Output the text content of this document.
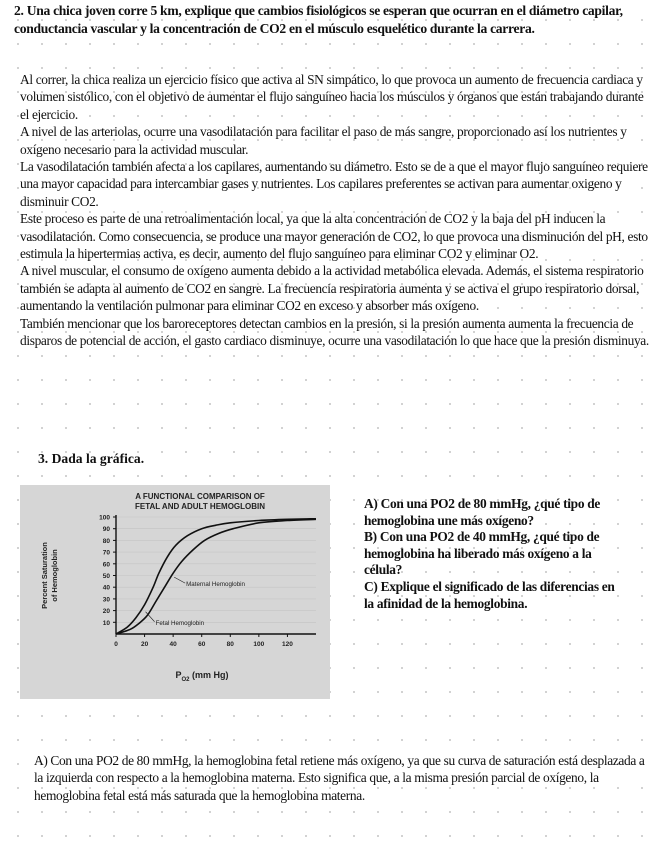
2. Una chica joven corre 5 km, explique que cambios fisiológicos se esperan que ocurran en el diámetro capilar, conductancia vascular y la concentración de CO2 en el músculo esquelético durante la carrera.

Al correr, la chica realiza un ejercicio físico que activa al SN simpático, lo que provoca un aumento de frecuencia cardiaca y volumen sistólico, con el objetivo de aumentar el flujo sanguíneo hacia los músculos y órganos que están trabajando durante el ejercicio.

A nivel de las arteriolas, ocurre una vasodilatación para facilitar el paso de más sangre, proporcionado así los nutrientes y oxígeno necesario para la actividad muscular.

La vasodilatación también afecta a los capilares, aumentando su diámetro. Esto se de a que el mayor flujo sanguíneo requiere una mayor capacidad para intercambiar gases y nutrientes. Los capilares preferentes se activan para aumentar oxigeno y disminuir CO2.

Este proceso es parte de una retroalimentación local, ya que la alta concentración de CO2 y la baja del pH inducen la vasodilatación. Como consecuencia, se produce una mayor generación de CO2, lo que provoca una disminución del pH, esto estimula la hipertermias activa, es decir, aumento del flujo sanguíneo para eliminar CO2 y eliminar O2.

A nivel muscular, el consumo de oxígeno aumenta debido a la actividad metabólica elevada. Además, el sistema respiratorio también se adapta al aumento de CO2 en sangre. La frecuencia respiratoria aumenta y se activa el grupo respiratorio dorsal, aumentando la ventilación pulmonar para eliminar CO2 en exceso y absorber más oxígeno.

También mencionar que los baroreceptores detectan cambios en la presión, si la presión aumenta aumenta la frecuencia de disparos de potencial de acción, el gasto cardiaco disminuye, ocurre una vasodilatación lo que hace que la presión disminuya.

3. Dada la gráfica.
A FUNCTIONAL COMPARISON OF
FETAL AND ADULT HEMOGLOBIN
10
20
30
40
50
60
70
80
90
100
0	20	40	60	80	100	120
Percent Saturation of Hemoglobin
$P_{O2}$ (mm Hg)
Maternal Hemoglobin
Fetal Hemoglobin

A) Con una PO2 de 80 mmHg, ¿qué tipo de hemoglobina une más oxígeno?

B) Con una PO2 de 40 mmHg, ¿qué tipo de hemoglobina ha liberado más oxígeno a la célula?

C) Explique el significado de las diferencias en la afinidad de la hemoglobina.

A) Con una PO2 de 80 mmHg, la hemoglobina fetal retiene más oxígeno, ya que su curva de saturación está desplazada a la izquierda con respecto a la hemoglobina materna. Esto significa que, a la misma presión parcial de oxígeno, la hemoglobina fetal está más saturada que la hemoglobina materna.
